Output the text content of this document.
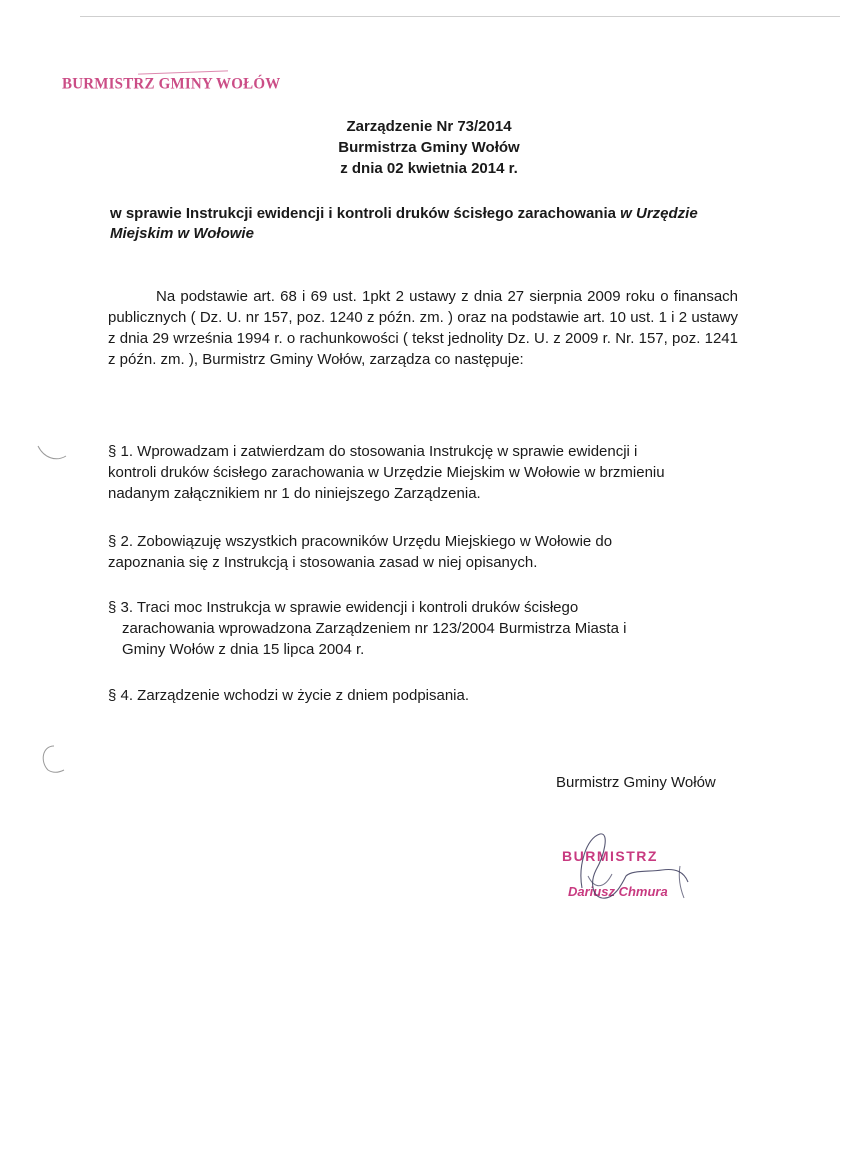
BURMISTRZ GMINY WOŁÓW
Zarządzenie Nr 73/2014
Burmistrza Gminy Wołów
z dnia 02 kwietnia 2014 r.
w sprawie Instrukcji ewidencji i kontroli druków ścisłego zarachowania w Urzędzie Miejskim w Wołowie
Na podstawie art. 68 i 69 ust. 1pkt 2 ustawy z dnia 27 sierpnia 2009 roku o finansach publicznych ( Dz. U. nr 157, poz. 1240 z późn. zm. ) oraz na podstawie art. 10 ust. 1 i 2 ustawy z dnia 29 września 1994 r. o rachunkowości ( tekst jednolity Dz. U. z 2009 r. Nr. 157, poz. 1241 z późn. zm. ), Burmistrz Gminy Wołów, zarządza co następuje:
§ 1. Wprowadzam i zatwierdzam do stosowania Instrukcję w sprawie ewidencji i
kontroli druków ścisłego zarachowania w Urzędzie Miejskim w Wołowie w brzmieniu
nadanym załącznikiem nr 1 do niniejszego Zarządzenia.
§ 2. Zobowiązuję wszystkich pracowników Urzędu Miejskiego w Wołowie do
zapoznania się z Instrukcją i stosowania zasad w niej opisanych.
§ 3. Traci moc Instrukcja w sprawie ewidencji i kontroli druków ścisłego
zarachowania wprowadzona Zarządzeniem nr 123/2004 Burmistrza Miasta i
Gminy Wołów z dnia 15 lipca 2004 r.
§ 4. Zarządzenie wchodzi w życie z dniem podpisania.
Burmistrz Gminy Wołów
BURMISTRZ
Dariusz Chmura
